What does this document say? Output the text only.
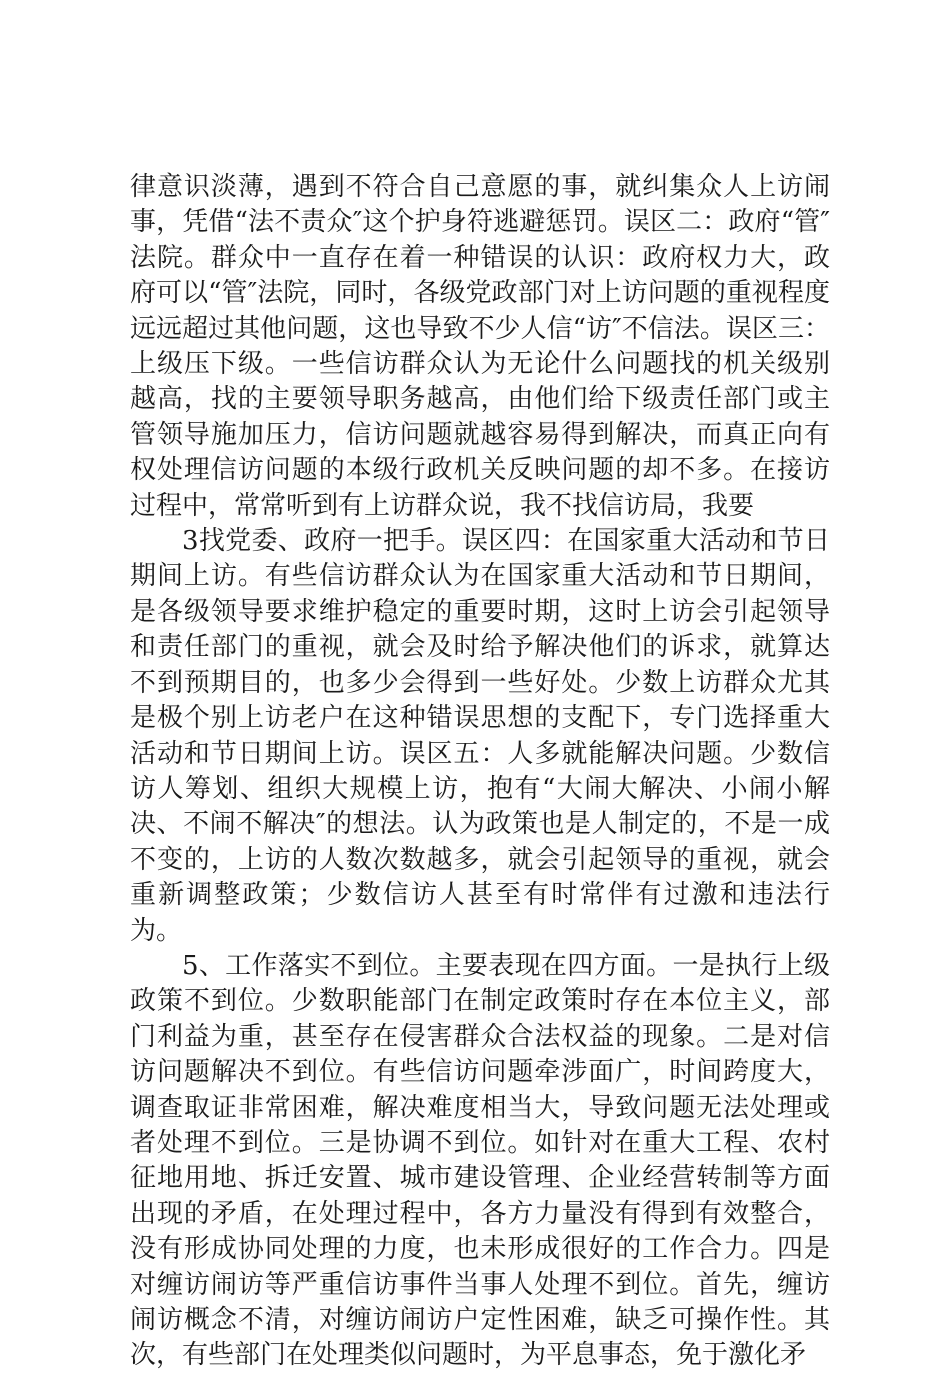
律意识淡薄，遇到不符合自己意愿的事，就纠集众人上访闹事，凭借“法不责众″这个护身符逃避惩罚。误区二：政府“管″法院。群众中一直存在着一种错误的认识：政府权力大，政府可以“管″法院，同时，各级党政部门对上访问题的重视程度远远超过其他问题，这也导致不少人信“访″不信法。误区三：上级压下级。一些信访群众认为无论什么问题找的机关级别越高，找的主要领导职务越高，由他们给下级责任部门或主管领导施加压力，信访问题就越容易得到解决，而真正向有权处理信访问题的本级行政机关反映问题的却不多。在接访过程中，常常听到有上访群众说，我不找信访局，我要

3找党委、政府一把手。误区四：在国家重大活动和节日期间上访。有些信访群众认为在国家重大活动和节日期间，是各级领导要求维护稳定的重要时期，这时上访会引起领导和责任部门的重视，就会及时给予解决他们的诉求，就算达不到预期目的，也多少会得到一些好处。少数上访群众尤其是极个别上访老户在这种错误思想的支配下，专门选择重大活动和节日期间上访。误区五：人多就能解决问题。少数信访人筹划、组织大规模上访，抱有“大闹大解决、小闹小解决、不闹不解决″的想法。认为政策也是人制定的，不是一成不变的，上访的人数次数越多，就会引起领导的重视，就会重新调整政策；少数信访人甚至有时常伴有过激和违法行为。

5、工作落实不到位。主要表现在四方面。一是执行上级政策不到位。少数职能部门在制定政策时存在本位主义，部门利益为重，甚至存在侵害群众合法权益的现象。二是对信访问题解决不到位。有些信访问题牵涉面广，时间跨度大，调查取证非常困难，解决难度相当大，导致问题无法处理或者处理不到位。三是协调不到位。如针对在重大工程、农村征地用地、拆迁安置、城市建设管理、企业经营转制等方面出现的矛盾，在处理过程中，各方力量没有得到有效整合，没有形成协同处理的力度，也未形成很好的工作合力。四是对缠访闹访等严重信访事件当事人处理不到位。首先，缠访闹访概念不清，对缠访闹访户定性困难，缺乏可操作性。其次，有些部门在处理类似问题时，为平息事态，免于激化矛
